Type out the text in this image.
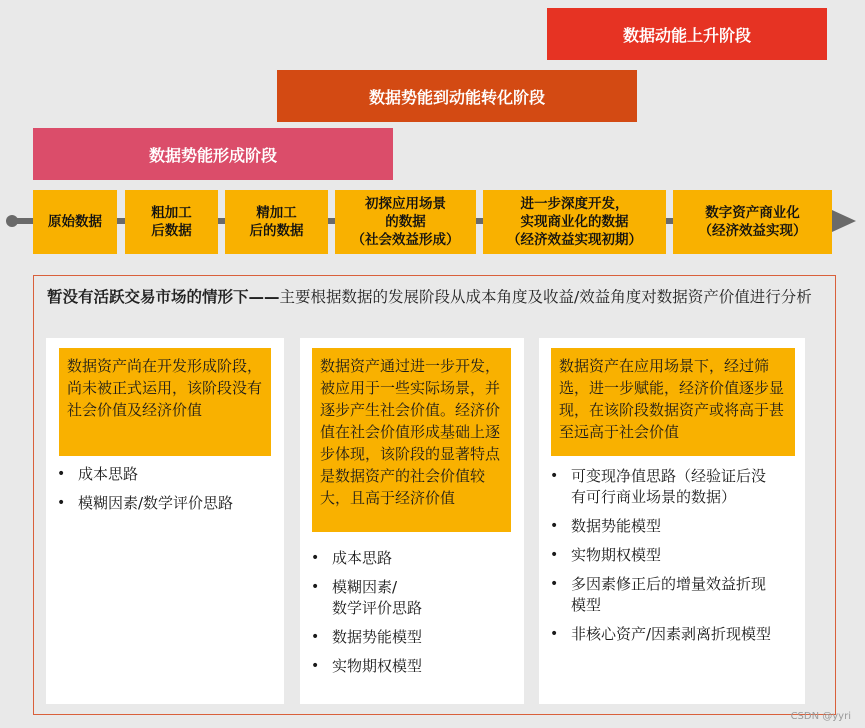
数据动能上升阶段
数据势能到动能转化阶段
数据势能形成阶段
原始数据
粗加工
后数据
精加工
后的数据
初探应用场景
的数据
（社会效益形成）
进一步深度开发，
实现商业化的数据
（经济效益实现初期）
数字资产商业化
（经济效益实现）
暂没有活跃交易市场的情形下——主要根据数据的发展阶段从成本角度及收益/效益角度对数据资产价值进行分析
数据资产尚在开发形成阶段，尚未被正式运用，该阶段没有社会价值及经济价值
• 成本思路
• 模糊因素/数学评价思路
数据资产通过进一步开发，被应用于一些实际场景，并逐步产生社会价值。经济价值在社会价值形成基础上逐步体现，该阶段的显著特点是数据资产的社会价值较大，且高于经济价值
• 成本思路
• 模糊因素/
数学评价思路
• 数据势能模型
• 实物期权模型
数据资产在应用场景下，经过筛选，进一步赋能，经济价值逐步显现，在该阶段数据资产或将高于甚至远高于社会价值
• 可变现净值思路（经验证后没有可行商业场景的数据）
• 数据势能模型
• 实物期权模型
• 多因素修正后的增量效益折现模型
• 非核心资产/因素剥离折现模型
CSDN @yyri
